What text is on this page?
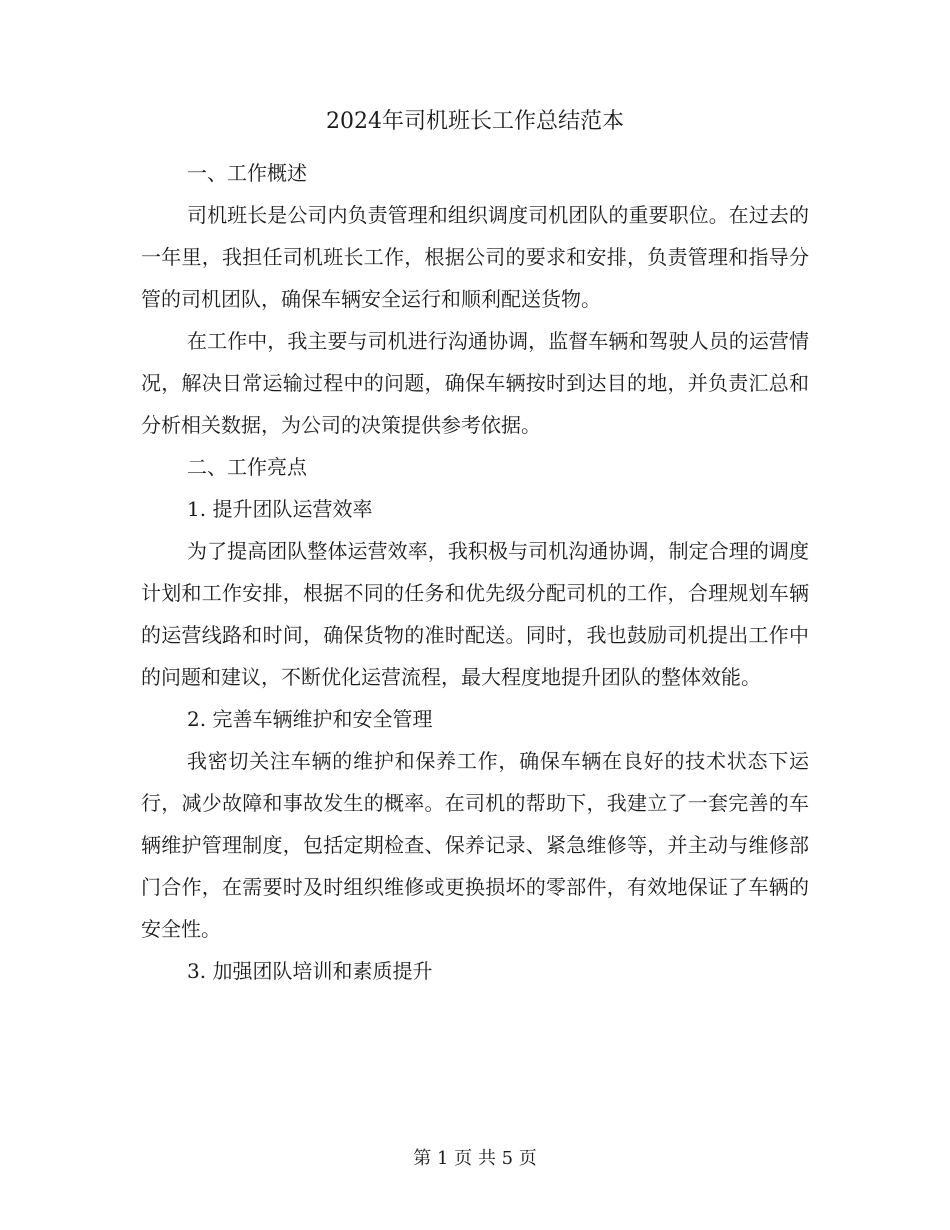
2024年司机班长工作总结范本

一、工作概述

司机班长是公司内负责管理和组织调度司机团队的重要职位。在过去的一年里，我担任司机班长工作，根据公司的要求和安排，负责管理和指导分管的司机团队，确保车辆安全运行和顺利配送货物。

在工作中，我主要与司机进行沟通协调，监督车辆和驾驶人员的运营情况，解决日常运输过程中的问题，确保车辆按时到达目的地，并负责汇总和分析相关数据，为公司的决策提供参考依据。

二、工作亮点

1. 提升团队运营效率

为了提高团队整体运营效率，我积极与司机沟通协调，制定合理的调度计划和工作安排，根据不同的任务和优先级分配司机的工作，合理规划车辆的运营线路和时间，确保货物的准时配送。同时，我也鼓励司机提出工作中的问题和建议，不断优化运营流程，最大程度地提升团队的整体效能。

2. 完善车辆维护和安全管理

我密切关注车辆的维护和保养工作，确保车辆在良好的技术状态下运行，减少故障和事故发生的概率。在司机的帮助下，我建立了一套完善的车辆维护管理制度，包括定期检查、保养记录、紧急维修等，并主动与维修部门合作，在需要时及时组织维修或更换损坏的零部件，有效地保证了车辆的安全性。

3. 加强团队培训和素质提升

第 1 页 共 5 页
